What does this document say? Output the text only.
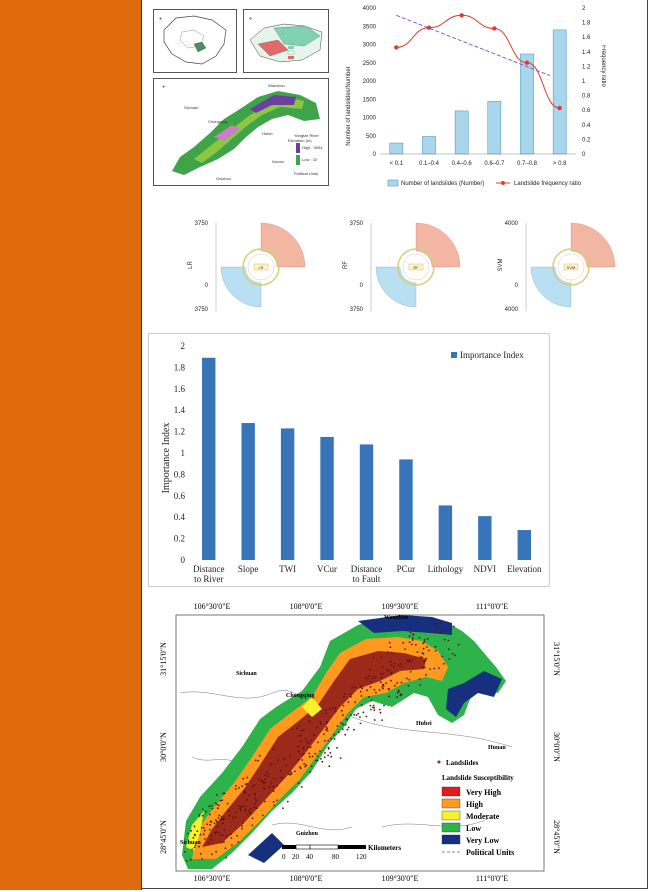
✛	✛
✛
Sichuan
Chongqing
Hubei
Hunan
Guizhou
Yangtze River
Elevation (m)
High : 3094
Low : 32
Political Units
Wanzhou	Number of landslides/Number
Frequency ratio
0
500
1000
1500
2000
2500
3000
3500
4000
0
0.2
0.4
0.6
0.8
1
1.2
1.4
1.6
1.8
2
< 0.1	0.1–0.4 0.4–0.6 0.6–0.7 0.7–0.8	> 0.8
Number of landslides (Number)	Landslide frequency ratio
3750
0
3750
LR	LR
3750
0
3750
RF	RF
4000
0
4000
SVM	SVM
Importance Index
Importance Index
0
0.2
0.4
0.6
0.8
1
1.2
1.4
1.6
1.8
2
Distance
to River
Slope TWI VCur Distance
to Fault
PCur Lithology NDVI Elevation
106°30'0"E
106°30'0"E
108°0'0"E
108°0'0"E
109°30'0"E
109°30'0"E
111°0'0"E
111°0'0"E
31°15'0"N	31°15'0"N
30°0'0"N	30°0'0"N
28°45'0"N	28°45'0"N
Sichuan
Chongqing
Hubei
Hunan
Guizhou
Sichuan
Wanzhou
Landslides
Landslide Susceptibility
Very High
High
Moderate
Low
Very Low
Political Units
0 20 40	80 120
Kilometers
